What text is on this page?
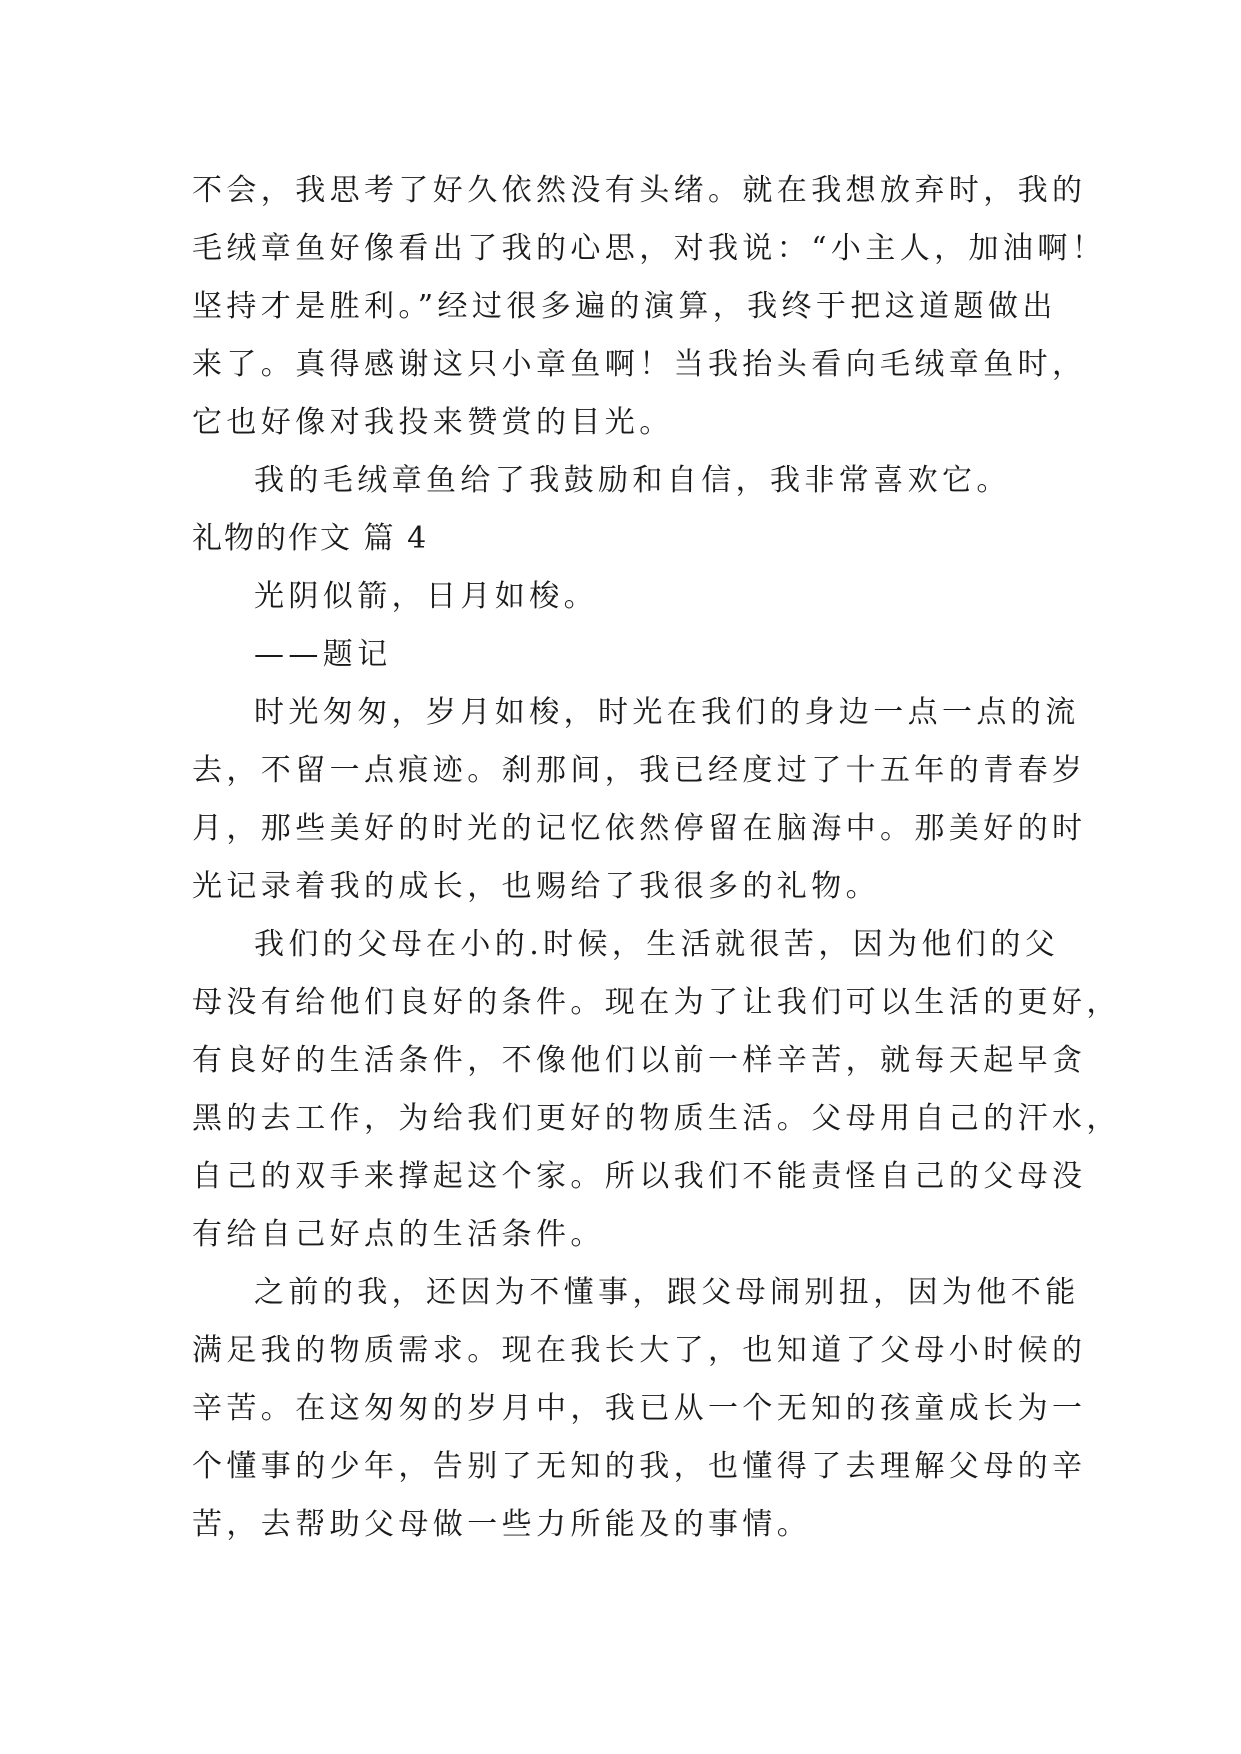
不会，我思考了好久依然没有头绪。就在我想放弃时，我的
毛绒章鱼好像看出了我的心思，对我说：“小主人，加油啊！
坚持才是胜利。”经过很多遍的演算，我终于把这道题做出
来了。真得感谢这只小章鱼啊！当我抬头看向毛绒章鱼时，
它也好像对我投来赞赏的目光。
我的毛绒章鱼给了我鼓励和自信，我非常喜欢它。
礼物的作文 篇 4
光阴似箭，日月如梭。
——题记
时光匆匆，岁月如梭，时光在我们的身边一点一点的流
去，不留一点痕迹。刹那间，我已经度过了十五年的青春岁
月，那些美好的时光的记忆依然停留在脑海中。那美好的时
光记录着我的成长，也赐给了我很多的礼物。
我们的父母在小的.时候，生活就很苦，因为他们的父
母没有给他们良好的条件。现在为了让我们可以生活的更好，
有良好的生活条件，不像他们以前一样辛苦，就每天起早贪
黑的去工作，为给我们更好的物质生活。父母用自己的汗水，
自己的双手来撑起这个家。所以我们不能责怪自己的父母没
有给自己好点的生活条件。
之前的我，还因为不懂事，跟父母闹别扭，因为他不能
满足我的物质需求。现在我长大了，也知道了父母小时候的
辛苦。在这匆匆的岁月中，我已从一个无知的孩童成长为一
个懂事的少年，告别了无知的我，也懂得了去理解父母的辛
苦，去帮助父母做一些力所能及的事情。
